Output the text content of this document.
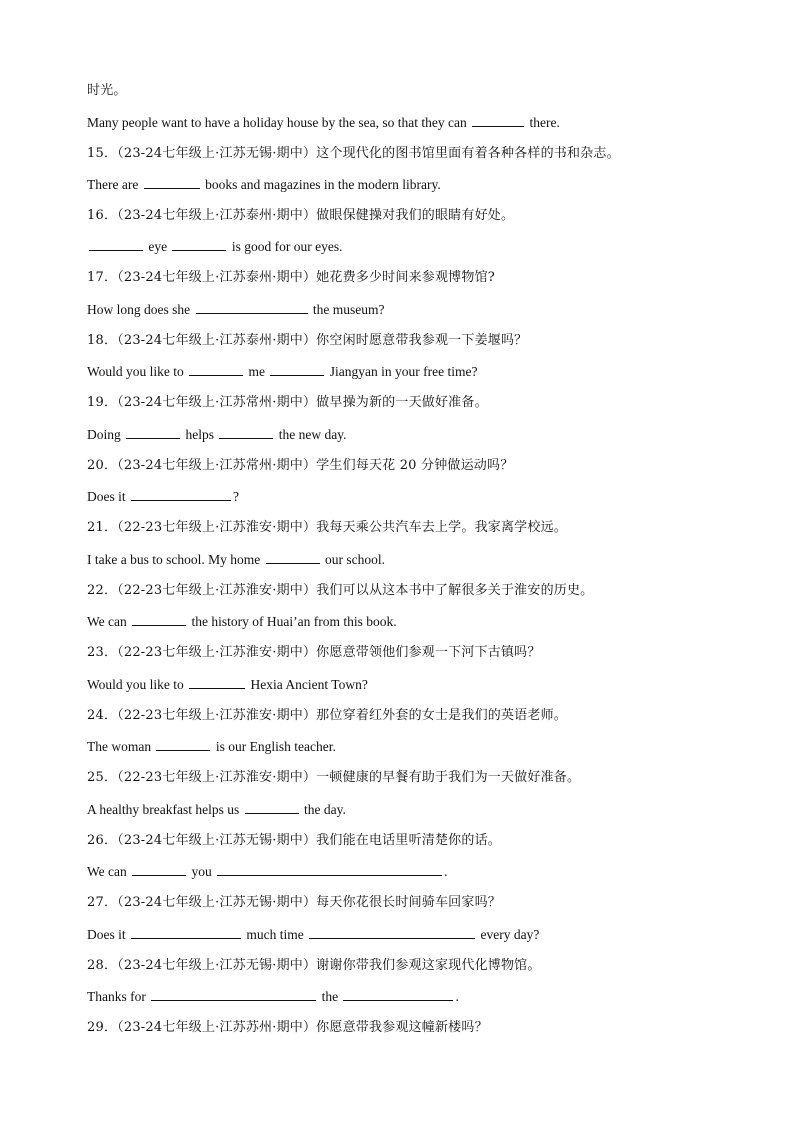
时光。
Many people want to have a holiday house by the sea, so that they can	there.
15．（23-24七年级上·江苏无锡·期中）这个现代化的图书馆里面有着各种各样的书和杂志。
There are	books and magazines in the modern library.
16．（23-24七年级上·江苏泰州·期中）做眼保健操对我们的眼睛有好处。
eye	is good for our eyes.
17．（23-24七年级上·江苏泰州·期中）她花费多少时间来参观博物馆?
How long does she	the museum?
18．（23-24七年级上·江苏泰州·期中）你空闲时愿意带我参观一下姜堰吗？
Would you like to	me	Jiangyan in your free time?
19．（23-24七年级上·江苏常州·期中）做早操为新的一天做好准备。
Doing	helps	the new day.
20．（23-24七年级上·江苏常州·期中）学生们每天花 20 分钟做运动吗？
Does it	?
21．（22-23七年级上·江苏淮安·期中）我每天乘公共汽车去上学。我家离学校远。
I take a bus to school. My home	our school.
22．（22-23七年级上·江苏淮安·期中）我们可以从这本书中了解很多关于淮安的历史。
We can	the history of Huai’an from this book.
23．（22-23七年级上·江苏淮安·期中）你愿意带领他们参观一下河下古镇吗？
Would you like to	Hexia Ancient Town?
24．（22-23七年级上·江苏淮安·期中）那位穿着红外套的女士是我们的英语老师。
The woman	is our English teacher.
25．（22-23七年级上·江苏淮安·期中）一顿健康的早餐有助于我们为一天做好准备。
A healthy breakfast helps us	the day.
26．（23-24七年级上·江苏无锡·期中）我们能在电话里听清楚你的话。
We can	you	.
27．（23-24七年级上·江苏无锡·期中）每天你花很长时间骑车回家吗？
Does it	much time	every day?
28．（23-24七年级上·江苏无锡·期中）谢谢你带我们参观这家现代化博物馆。
Thanks for	the	.
29．（23-24七年级上·江苏苏州·期中）你愿意带我参观这幢新楼吗？
